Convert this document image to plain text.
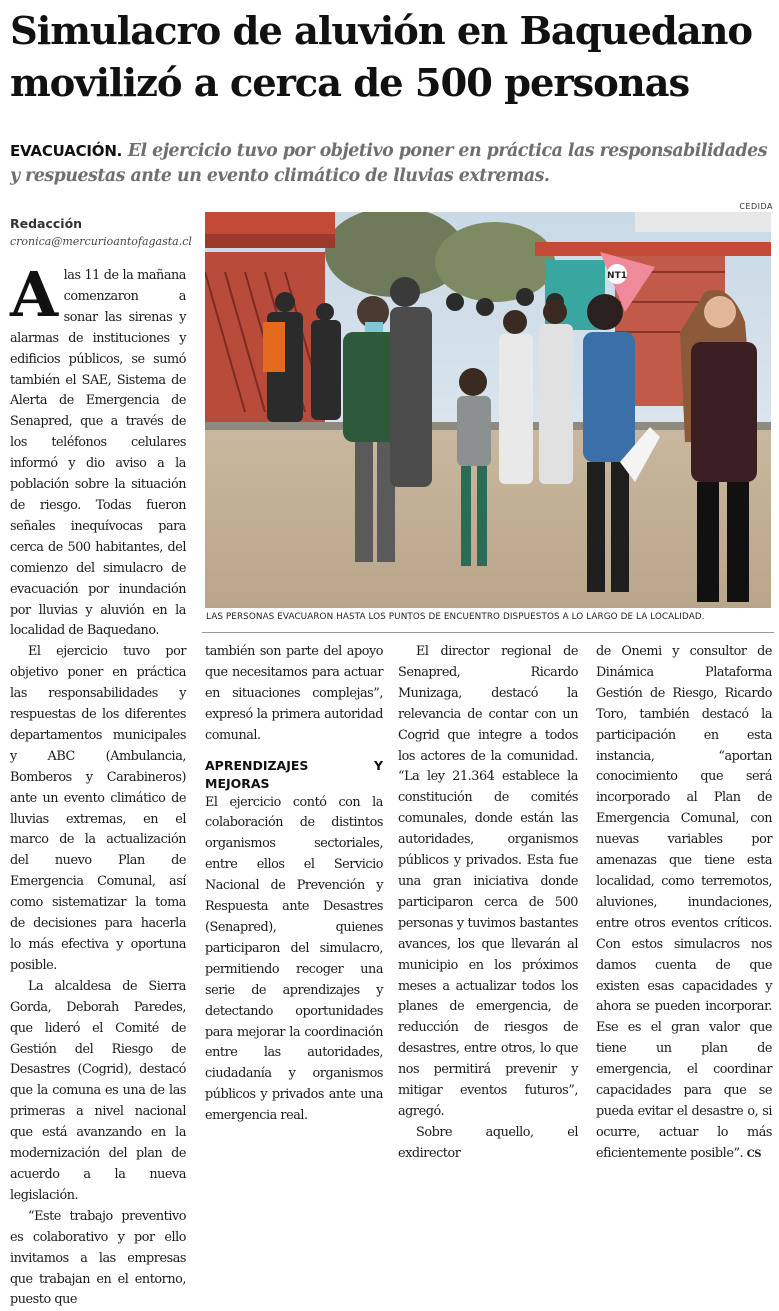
Simulacro de aluvión en Baquedano movilizó a cerca de 500 personas
EVACUACIÓN. El ejercicio tuvo por objetivo poner en práctica las responsabilidades y respuestas ante un evento climático de lluvias extremas.
Redacción
cronica@mercurioantofagasta.cl
CEDIDA

Alas 11 de la mañana comenzaron a sonar las sirenas y alarmas de instituciones y edificios públicos, se sumó también el SAE, Sistema de Alerta de Emergencia de Senapred, que a través de los teléfonos celulares informó y dio aviso a la población sobre la situación de riesgo. Todas fueron señales inequívocas para cerca de 500 habitantes, del comienzo del simulacro de evacuación por inundación por lluvias y aluvión en la localidad de Baquedano.

El ejercicio tuvo por objetivo poner en práctica las responsabilidades y respuestas de los diferentes departamentos municipales y ABC (Ambulancia, Bomberos y Carabineros) ante un evento climático de lluvias extremas, en el marco de la actualización del nuevo Plan de Emergencia Comunal, así como sistematizar la toma de decisiones para hacerla lo más efectiva y oportuna posible.

La alcaldesa de Sierra Gorda, Deborah Paredes, que lideró el Comité de Gestión del Riesgo de Desastres (Cogrid), destacó que la comuna es una de las primeras a nivel nacional que está avanzando en la modernización del plan de acuerdo a la nueva legislación.

“Este trabajo preventivo es colaborativo y por ello invitamos a las empresas que trabajan en el entorno, puesto que

NT1
LAS PERSONAS EVACUARON HASTA LOS PUNTOS DE ENCUENTRO DISPUESTOS A LO LARGO DE LA LOCALIDAD.

también son parte del apoyo que necesitamos para actuar en situaciones complejas”, expresó la primera autoridad comunal.

APRENDIZAJES Y MEJORAS

El ejercicio contó con la colaboración de distintos organismos sectoriales, entre ellos el Servicio Nacional de Prevención y Respuesta ante Desastres (Senapred), quienes participaron del simulacro, permitiendo recoger una serie de aprendizajes y detectando oportunidades para mejorar la coordinación entre las autoridades, ciudadanía y organismos públicos y privados ante una emergencia real.

El director regional de Senapred, Ricardo Munizaga, destacó la relevancia de contar con un Cogrid que integre a todos los actores de la comunidad. “La ley 21.364 establece la constitución de comités comunales, donde están las autoridades, organismos públicos y privados. Esta fue una gran iniciativa donde participaron cerca de 500 personas y tuvimos bastantes avances, los que llevarán al municipio en los próximos meses a actualizar todos los planes de emergencia, de reducción de riesgos de desastres, entre otros, lo que nos permitirá prevenir y mitigar eventos futuros”, agregó.

Sobre aquello, el exdirector

de Onemi y consultor de Dinámica Plataforma Gestión de Riesgo, Ricardo Toro, también destacó la participación en esta instancia, “aportan conocimiento que será incorporado al Plan de Emergencia Comunal, con nuevas variables por amenazas que tiene esta localidad, como terremotos, aluviones, inundaciones, entre otros eventos críticos. Con estos simulacros nos damos cuenta de que existen esas capacidades y ahora se pueden incorporar. Ese es el gran valor que tiene un plan de emergencia, el coordinar capacidades para que se pueda evitar el desastre o, si ocurre, actuar lo más eficientemente posible”. CS
